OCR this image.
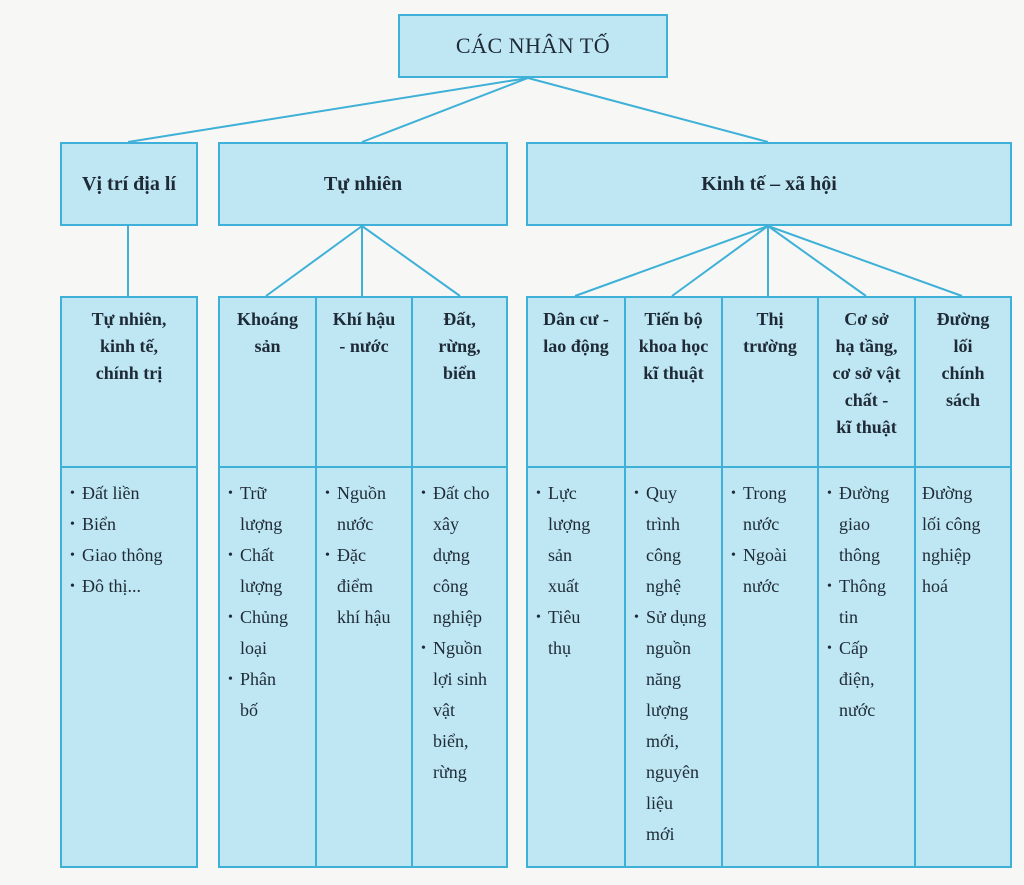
CÁC NHÂN TỐ
Vị trí địa lí	Tự nhiên	Kinh tế – xã hội
Tự nhiên,
kinh tế,
chính trị
• Đất liền
• Biển
• Giao thông
• Đô thị...
Khoáng
sản
• Trữ
lượng
• Chất
lượng
• Chủng
loại
• Phân
bố
Khí hậu
- nước
• Nguồn
nước
• Đặc
điểm
khí hậu
Đất,
rừng,
biển
• Đất cho
xây
dựng
công
nghiệp
• Nguồn
lợi sinh
vật
biển,
rừng
Dân cư -
lao động
• Lực
lượng
sản
xuất
• Tiêu
thụ
Tiến bộ
khoa học
kĩ thuật
• Quy
trình
công
nghệ
• Sử dụng
nguồn
năng
lượng
mới,
nguyên
liệu
mới
Thị
trường
• Trong
nước
• Ngoài
nước
Cơ sở
hạ tầng,
cơ sở vật
chất -
kĩ thuật
• Đường
giao
thông
• Thông
tin
• Cấp
điện,
nước
Đường
lối
chính
sách
Đường
lối công
nghiệp
hoá
